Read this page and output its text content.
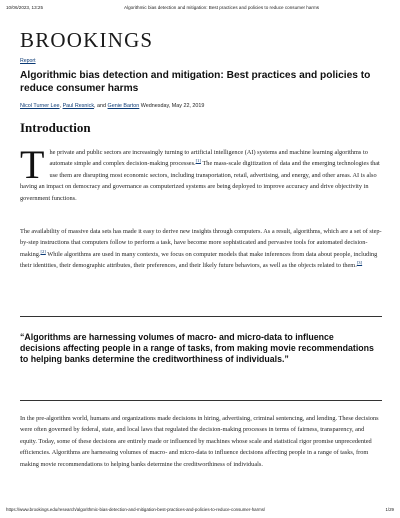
10/06/2023, 13:25	Algorithmic bias detection and mitigation: Best practices and policies to reduce consumer harms
BROOKINGS
Report
Algorithmic bias detection and mitigation: Best practices and policies to reduce consumer harms
Nicol Turner Lee, Paul Resnick, and Genie Barton Wednesday, May 22, 2019
Introduction

The private and public sectors are increasingly turning to artificial intelligence (AI) systems and machine learning algorithms to automate simple and complex decision-making processes.[1] The mass-scale digitization of data and the emerging technologies that use them are disrupting most economic sectors, including transportation, retail, advertising, and energy, and other areas. AI is also having an impact on democracy and governance as computerized systems are being deployed to improve accuracy and drive objectivity in government functions.

The availability of massive data sets has made it easy to derive new insights through computers. As a result, algorithms, which are a set of step-by-step instructions that computers follow to perform a task, have become more sophisticated and pervasive tools for automated decision-making.[2] While algorithms are used in many contexts, we focus on computer models that make inferences from data about people, including their identities, their demographic attributes, their preferences, and their likely future behaviors, as well as the objects related to them.[3]

“Algorithms are harnessing volumes of macro- and micro-data to influence decisions affecting people in a range of tasks, from making movie recommendations to helping banks determine the creditworthiness of individuals.”

In the pre-algorithm world, humans and organizations made decisions in hiring, advertising, criminal sentencing, and lending. These decisions were often governed by federal, state, and local laws that regulated the decision-making processes in terms of fairness, transparency, and equity. Today, some of these decisions are entirely made or influenced by machines whose scale and statistical rigor promise unprecedented efficiencies. Algorithms are harnessing volumes of macro- and micro-data to influence decisions affecting people in a range of tasks, from making movie recommendations to helping banks determine the creditworthiness of individuals.

https://www.brookings.edu/research/algorithmic-bias-detection-and-mitigation-best-practices-and-policies-to-reduce-consumer-harms/	1/29
